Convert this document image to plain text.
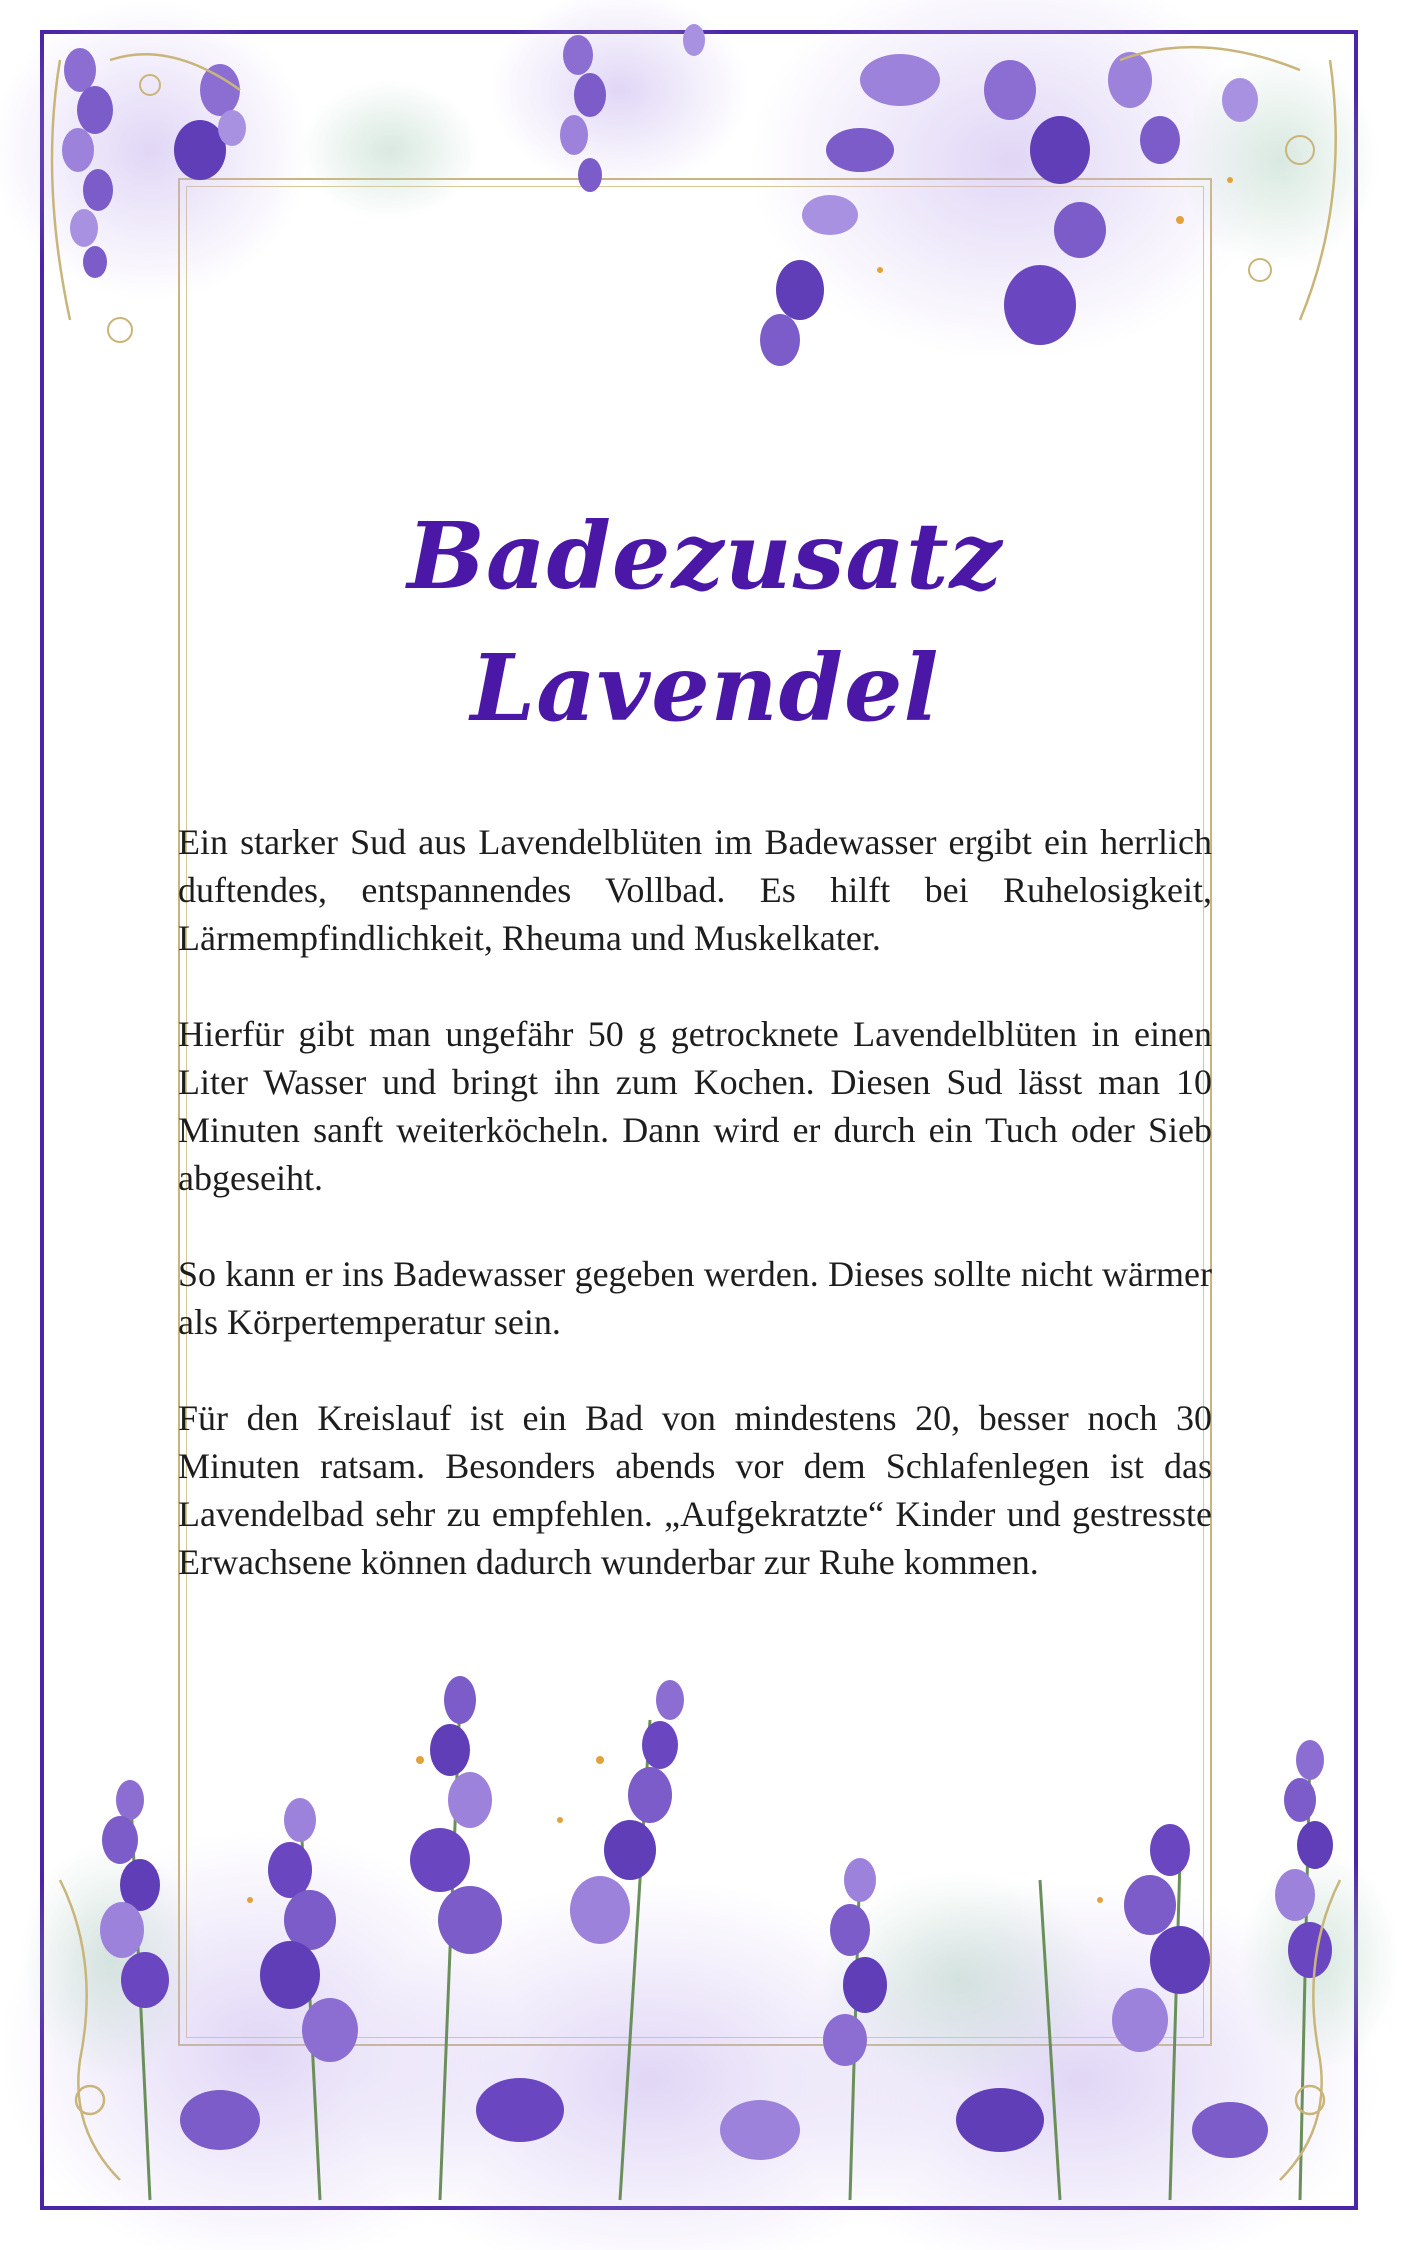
Badezusatz
Lavendel

Ein starker Sud aus Lavendelblüten im Badewasser ergibt ein herrlich duftendes, entspannendes Vollbad. Es hilft bei Ruhelosigkeit, Lärmempfindlichkeit, Rheuma und Muskelkater.

Hierfür gibt man ungefähr 50 g getrocknete Lavendelblüten in einen Liter Wasser und bringt ihn zum Kochen. Diesen Sud lässt man 10 Minuten sanft weiterköcheln. Dann wird er durch ein Tuch oder Sieb abgeseiht.

So kann er ins Badewasser gegeben werden. Dieses sollte nicht wärmer als Körpertemperatur sein.

Für den Kreislauf ist ein Bad von mindestens 20, besser noch 30 Minuten ratsam. Besonders abends vor dem Schlafenlegen ist das Lavendelbad sehr zu empfehlen. „Aufgekratzte“ Kinder und gestresste Erwachsene können dadurch wunderbar zur Ruhe kommen.
